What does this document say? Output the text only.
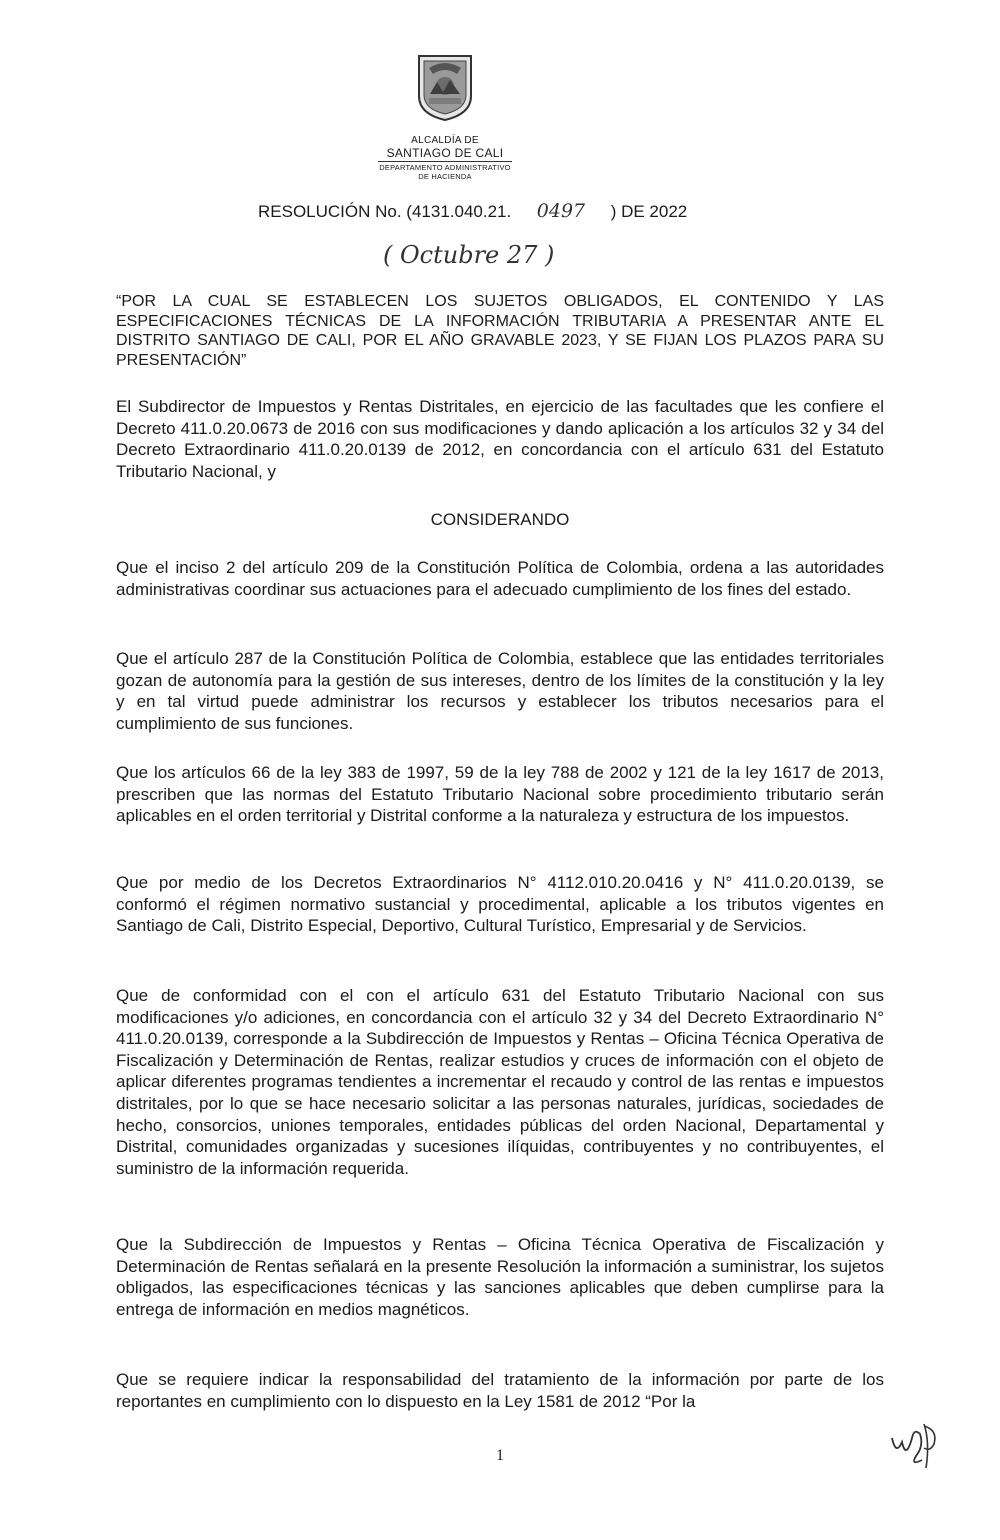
ALCALDÍA DE
SANTIAGO DE CALI
DEPARTAMENTO ADMINISTRATIVO
DE HACIENDA
RESOLUCIÓN No. (4131.040.21. 0497 ) DE 2022
( Octubre 27 )
“POR LA CUAL SE ESTABLECEN LOS SUJETOS OBLIGADOS, EL CONTENIDO Y LAS ESPECIFICACIONES TÉCNICAS DE LA INFORMACIÓN TRIBUTARIA A PRESENTAR ANTE EL DISTRITO SANTIAGO DE CALI, POR EL AÑO GRAVABLE 2023, Y SE FIJAN LOS PLAZOS PARA SU PRESENTACIÓN”
El Subdirector de Impuestos y Rentas Distritales, en ejercicio de las facultades que les confiere el Decreto 411.0.20.0673 de 2016 con sus modificaciones y dando aplicación a los artículos 32 y 34 del Decreto Extraordinario 411.0.20.0139 de 2012, en concordancia con el artículo 631 del Estatuto Tributario Nacional, y
CONSIDERANDO
Que el inciso 2 del artículo 209 de la Constitución Política de Colombia, ordena a las autoridades administrativas coordinar sus actuaciones para el adecuado cumplimiento de los fines del estado.
Que el artículo 287 de la Constitución Política de Colombia, establece que las entidades territoriales gozan de autonomía para la gestión de sus intereses, dentro de los límites de la constitución y la ley y en tal virtud puede administrar los recursos y establecer los tributos necesarios para el cumplimiento de sus funciones.
Que los artículos 66 de la ley 383 de 1997, 59 de la ley 788 de 2002 y 121 de la ley 1617 de 2013, prescriben que las normas del Estatuto Tributario Nacional sobre procedimiento tributario serán aplicables en el orden territorial y Distrital conforme a la naturaleza y estructura de los impuestos.
Que por medio de los Decretos Extraordinarios N° 4112.010.20.0416 y N° 411.0.20.0139, se conformó el régimen normativo sustancial y procedimental, aplicable a los tributos vigentes en Santiago de Cali, Distrito Especial, Deportivo, Cultural Turístico, Empresarial y de Servicios.
Que de conformidad con el con el artículo 631 del Estatuto Tributario Nacional con sus modificaciones y/o adiciones, en concordancia con el artículo 32 y 34 del Decreto Extraordinario N° 411.0.20.0139, corresponde a la Subdirección de Impuestos y Rentas – Oficina Técnica Operativa de Fiscalización y Determinación de Rentas, realizar estudios y cruces de información con el objeto de aplicar diferentes programas tendientes a incrementar el recaudo y control de las rentas e impuestos distritales, por lo que se hace necesario solicitar a las personas naturales, jurídicas, sociedades de hecho, consorcios, uniones temporales, entidades públicas del orden Nacional, Departamental y Distrital, comunidades organizadas y sucesiones ilíquidas, contribuyentes y no contribuyentes, el suministro de la información requerida.
Que la Subdirección de Impuestos y Rentas – Oficina Técnica Operativa de Fiscalización y Determinación de Rentas señalará en la presente Resolución la información a suministrar, los sujetos obligados, las especificaciones técnicas y las sanciones aplicables que deben cumplirse para la entrega de información en medios magnéticos.
Que se requiere indicar la responsabilidad del tratamiento de la información por parte de los reportantes en cumplimiento con lo dispuesto en la Ley 1581 de 2012 “Por la
1
